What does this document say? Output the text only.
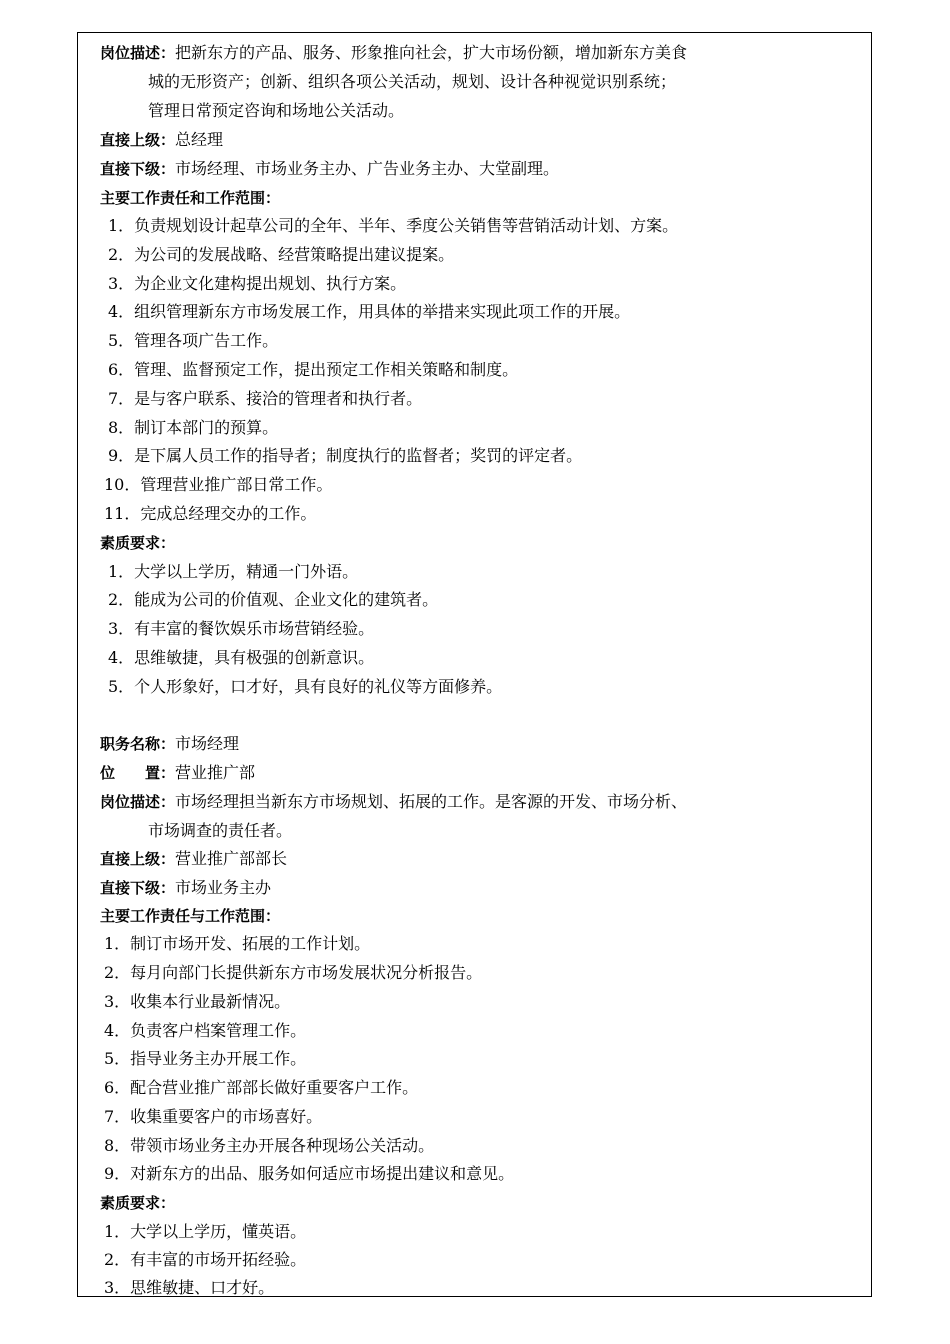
岗位描述：把新东方的产品、服务、形象推向社会，扩大市场份额，增加新东方美食
城的无形资产；创新、组织各项公关活动，规划、设计各种视觉识别系统；
管理日常预定咨询和场地公关活动。
直接上级：总经理
直接下级：市场经理、市场业务主办、广告业务主办、大堂副理。
主要工作责任和工作范围：
1．负责规划设计起草公司的全年、半年、季度公关销售等营销活动计划、方案。
2．为公司的发展战略、经营策略提出建议提案。
3．为企业文化建构提出规划、执行方案。
4．组织管理新东方市场发展工作，用具体的举措来实现此项工作的开展。
5．管理各项广告工作。
6．管理、监督预定工作，提出预定工作相关策略和制度。
7．是与客户联系、接洽的管理者和执行者。
8．制订本部门的预算。
9．是下属人员工作的指导者；制度执行的监督者；奖罚的评定者。
10．管理营业推广部日常工作。
11．完成总经理交办的工作。
素质要求：
1．大学以上学历，精通一门外语。
2．能成为公司的价值观、企业文化的建筑者。
3．有丰富的餐饮娱乐市场营销经验。
4．思维敏捷，具有极强的创新意识。
5．个人形象好，口才好，具有良好的礼仪等方面修养。
职务名称：市场经理
位　　置：营业推广部
岗位描述：市场经理担当新东方市场规划、拓展的工作。是客源的开发、市场分析、
市场调查的责任者。
直接上级：营业推广部部长
直接下级：市场业务主办
主要工作责任与工作范围：
1．制订市场开发、拓展的工作计划。
2．每月向部门长提供新东方市场发展状况分析报告。
3．收集本行业最新情况。
4．负责客户档案管理工作。
5．指导业务主办开展工作。
6．配合营业推广部部长做好重要客户工作。
7．收集重要客户的市场喜好。
8．带领市场业务主办开展各种现场公关活动。
9．对新东方的出品、服务如何适应市场提出建议和意见。
素质要求：
1．大学以上学历，懂英语。
2．有丰富的市场开拓经验。
3．思维敏捷、口才好。
